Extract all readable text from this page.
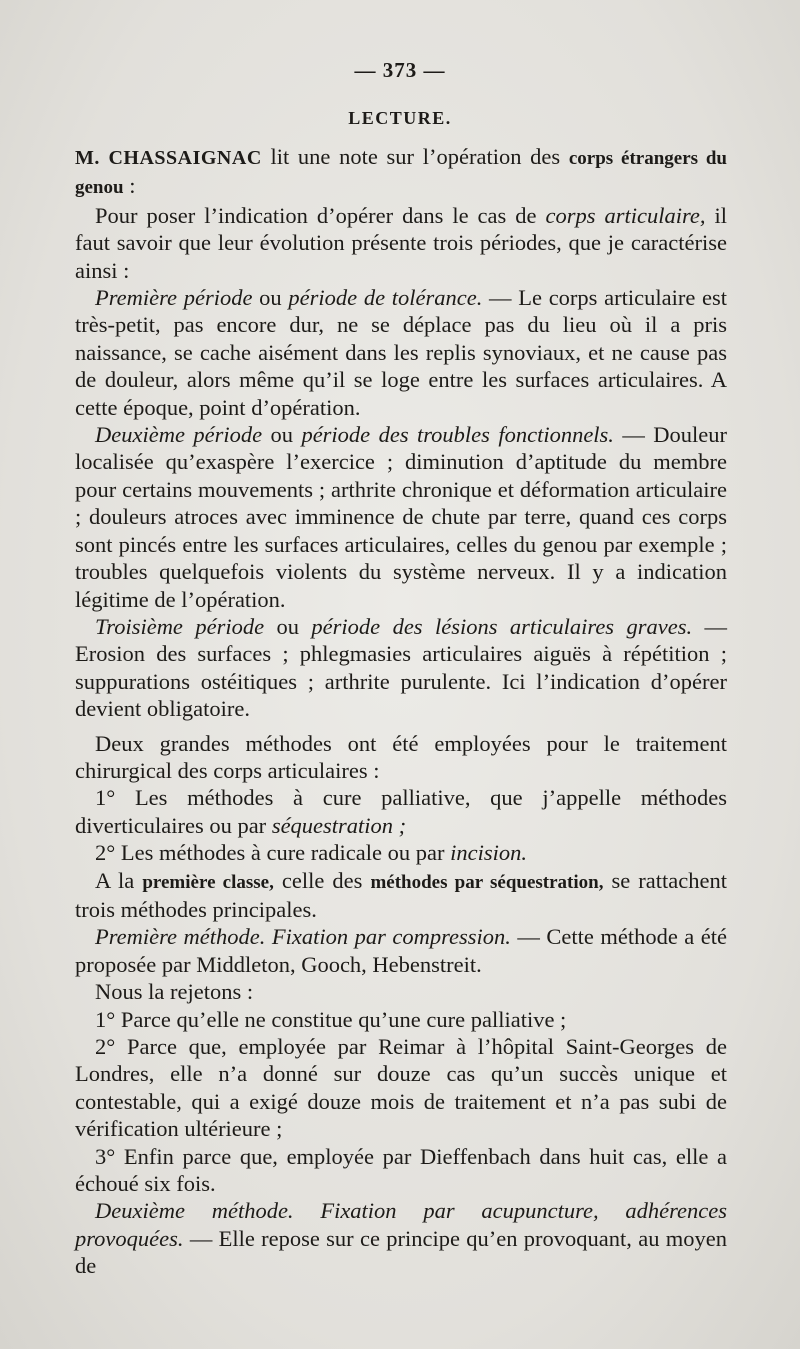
— 373 —
LECTURE.

M. CHASSAIGNAC lit une note sur l’opération des corps étrangers du genou :

Pour poser l’indication d’opérer dans le cas de corps articulaire, il faut savoir que leur évolution présente trois périodes, que je caractérise ainsi :

Première période ou période de tolérance. — Le corps articulaire est très-petit, pas encore dur, ne se déplace pas du lieu où il a pris naissance, se cache aisément dans les replis synoviaux, et ne cause pas de douleur, alors même qu’il se loge entre les surfaces articulaires. A cette époque, point d’opération.

Deuxième période ou période des troubles fonctionnels. — Douleur localisée qu’exaspère l’exercice ; diminution d’aptitude du membre pour certains mouvements ; arthrite chronique et déformation articulaire ; douleurs atroces avec imminence de chute par terre, quand ces corps sont pincés entre les surfaces articulaires, celles du genou par exemple ; troubles quelquefois violents du système nerveux. Il y a indication légitime de l’opération.

Troisième période ou période des lésions articulaires graves. — Erosion des surfaces ; phlegmasies articulaires aiguës à répétition ; suppurations ostéitiques ; arthrite purulente. Ici l’indication d’opérer devient obligatoire.

Deux grandes méthodes ont été employées pour le traitement chirurgical des corps articulaires :

1° Les méthodes à cure palliative, que j’appelle méthodes diverticulaires ou par séquestration ;

2° Les méthodes à cure radicale ou par incision.

A la première classe, celle des méthodes par séquestration, se rattachent trois méthodes principales.

Première méthode. Fixation par compression. — Cette méthode a été proposée par Middleton, Gooch, Hebenstreit.

Nous la rejetons :

1° Parce qu’elle ne constitue qu’une cure palliative ;

2° Parce que, employée par Reimar à l’hôpital Saint-Georges de Londres, elle n’a donné sur douze cas qu’un succès unique et contestable, qui a exigé douze mois de traitement et n’a pas subi de vérification ultérieure ;

3° Enfin parce que, employée par Dieffenbach dans huit cas, elle a échoué six fois.

Deuxième méthode. Fixation par acupuncture, adhérences provoquées. — Elle repose sur ce principe qu’en provoquant, au moyen de
